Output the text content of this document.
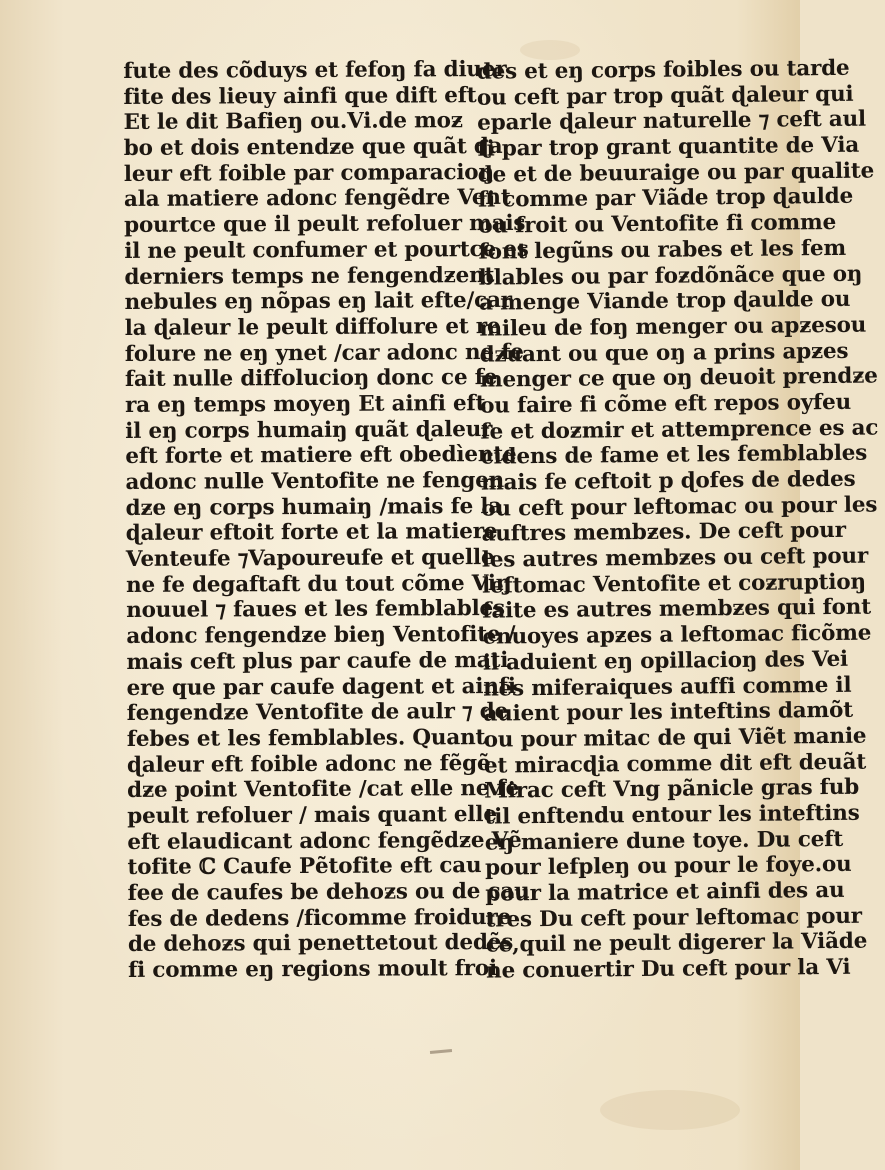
fute des cõduys et fefoŋ fa diuer
fite des lieuy ainfi que dift eft.
Et le dit Bafieŋ ou.Vi.de moƶ
bo et dois entendƶe que quãt ɖa
leur eft foible par comparacioŋ
ala matiere adonc fengẽdre Vent
pourtce que il peult refoluer mais
il ne peult confumer et pourtce es
derniers temps ne fengendƶent
nebules eŋ nõpas eŋ lait efte/car
la ɖaleur le peult diffolure et re
folure ne eŋ ynet /car adonc ne fe
fait nulle diffolucioŋ donc ce fe
ra eŋ temps moyeŋ Et ainfi eft
il eŋ corps humaiŋ quãt ɖaleur
eft forte et matiere eft obedìente
adonc nulle Ventofite ne fengen
dƶe eŋ corps humaiŋ /mais fe la
ɖaleur eftoit forte et la matiere
Venteufe ⁊Vapoureufe et quelle
ne fe degaftaft du tout cõme Viŋ
nouuel ⁊ faues et les femblables
adonc fengendƶe bieŋ Ventofite /
mais ceft plus par caufe de mati
ere que par caufe dagent et ainfi
fengendƶe Ventofite de aulr ⁊ de
febes et les femblables. Quant
ɖaleur eft foible adonc ne fẽgẽ
dƶe point Ventofite /cat elle ne fe
peult refoluer / mais quant elle
eft elaudicant adonc fengẽdƶe Vẽ
tofite ℂ Caufe Pẽtofite eft cau
fee de caufes be dehoƶs ou de cau
fes de dedens /ficomme froidure
de dehoƶs qui penettetout dedẽs
fi comme eŋ regions moult froi
des et eŋ corps foibles ou tarde
ou ceft par trop quãt ɖaleur qui
eparle ɖaleur naturelle ⁊ ceft aul
fi par trop grant quantite de Via
de et de beuuraige ou par qualite
fi comme par Viãde trop ɖaulde
ou froit ou Ventofite fi comme
font legũns ou rabes et les fem
blables ou par foƶdõnãce que oŋ
a menge Viande trop ɖaulde ou
mileu de foŋ menger ou apƶesou
dƶuant ou que oŋ a prins apƶes
menger ce que oŋ deuoit prendƶe
ou faire fi cõme eft repos oyfeu
fe et doƶmir et attemprence es ac
cidens de fame et les femblables
mais fe ceftoit p ɖofes de dedes
ou ceft pour leftomac ou pour les
auftres membƶes. De ceft pour
les autres membƶes ou ceft pour
leftomac Ventofite et coƶruptioŋ
faite es autres membƶes qui font
enuoyes apƶes a leftomac ficõme
il aduient eŋ opillacioŋ des Vei
nes miferaiques auffi comme il
auient pour les inteftins damõt
ou pour mitac de qui Viẽt manie
et miracɖia comme dit eft deuãt
Mirac ceft Vng pãnicle gras fub
til enftendu entour les inteftins
eŋ maniere dune toye. Du ceft
pour lefpleŋ ou pour le foye.ou
pour la matrice et ainfi des au
tres Du ceft pour leftomac pour
ce,quil ne peult digerer la Viãde
ne conuertir Du ceft pour la Vi
